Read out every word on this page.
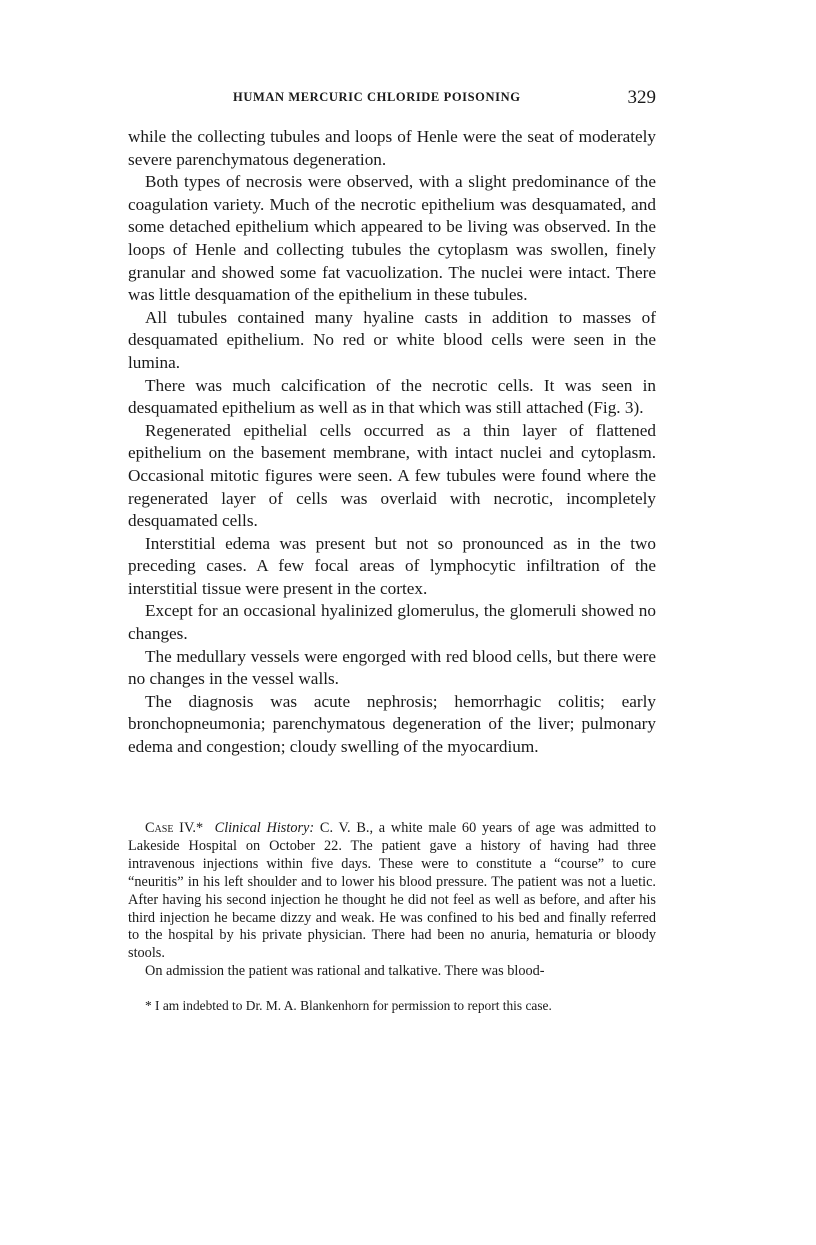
HUMAN MERCURIC CHLORIDE POISONING	329

while the collecting tubules and loops of Henle were the seat of moderately severe parenchymatous degeneration.

Both types of necrosis were observed, with a slight predominance of the coagulation variety. Much of the necrotic epithelium was desquamated, and some detached epithelium which appeared to be living was observed. In the loops of Henle and collecting tubules the cytoplasm was swollen, finely granular and showed some fat vacuolization. The nuclei were intact. There was little desquamation of the epithelium in these tubules.

All tubules contained many hyaline casts in addition to masses of desquamated epithelium. No red or white blood cells were seen in the lumina.

There was much calcification of the necrotic cells. It was seen in desquamated epithelium as well as in that which was still attached (Fig. 3).

Regenerated epithelial cells occurred as a thin layer of flattened epithelium on the basement membrane, with intact nuclei and cytoplasm. Occasional mitotic figures were seen. A few tubules were found where the regenerated layer of cells was overlaid with necrotic, incompletely desquamated cells.

Interstitial edema was present but not so pronounced as in the two preceding cases. A few focal areas of lymphocytic infiltration of the interstitial tissue were present in the cortex.

Except for an occasional hyalinized glomerulus, the glomeruli showed no changes.

The medullary vessels were engorged with red blood cells, but there were no changes in the vessel walls.

The diagnosis was acute nephrosis; hemorrhagic colitis; early bronchopneumonia; parenchymatous degeneration of the liver; pulmonary edema and congestion; cloudy swelling of the myocardium.

Case IV.* Clinical History: C. V. B., a white male 60 years of age was admitted to Lakeside Hospital on October 22. The patient gave a history of having had three intravenous injections within five days. These were to constitute a “course” to cure “neuritis” in his left shoulder and to lower his blood pressure. The patient was not a luetic. After having his second injection he thought he did not feel as well as before, and after his third injection he became dizzy and weak. He was confined to his bed and finally referred to the hospital by his private physician. There had been no anuria, hematuria or bloody stools.

On admission the patient was rational and talkative. There was blood-

* I am indebted to Dr. M. A. Blankenhorn for permission to report this case.
